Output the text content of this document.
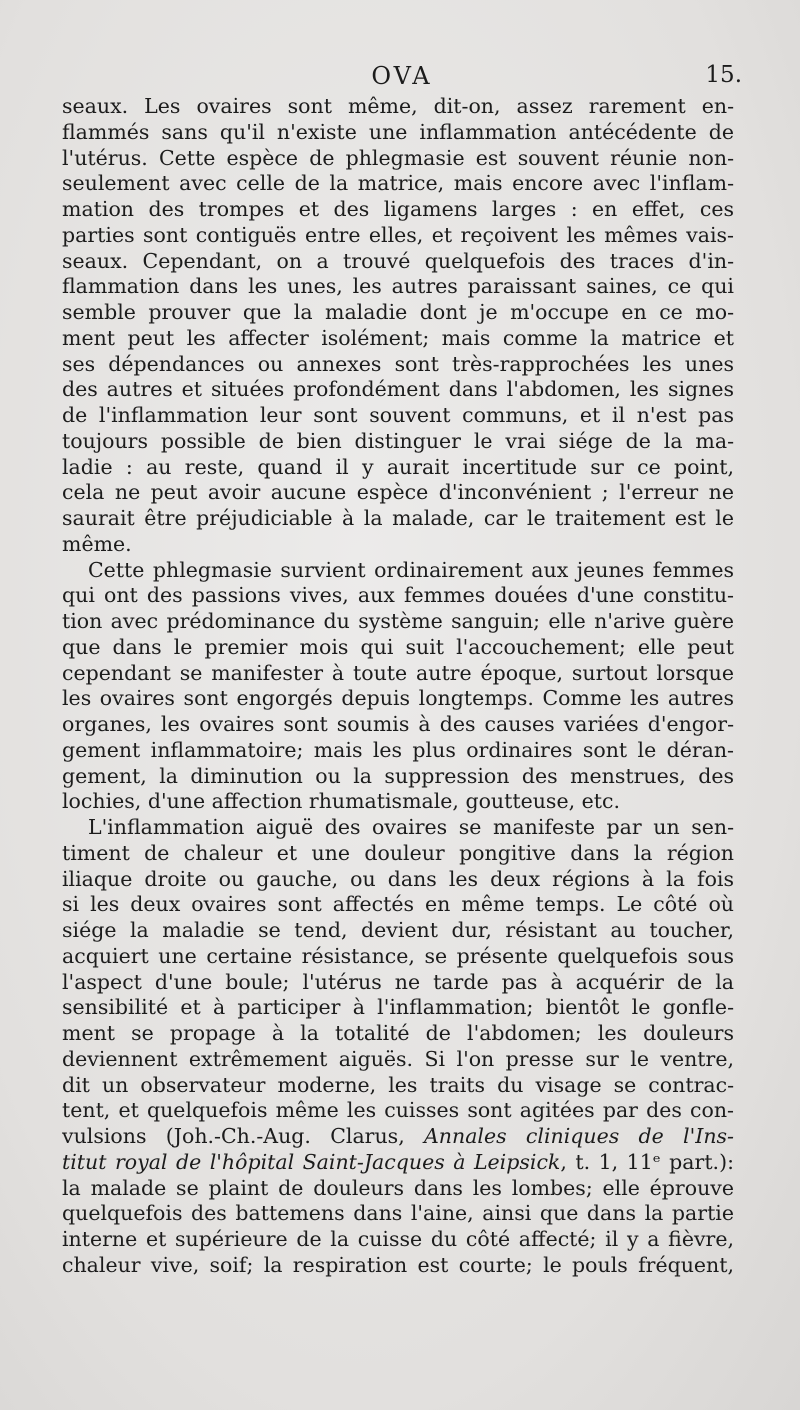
OVA	15.
seaux. Les ovaires sont même, dit-on, assez rarement en-
flammés sans qu'il n'existe une inflammation antécédente de
l'utérus. Cette espèce de phlegmasie est souvent réunie non-
seulement avec celle de la matrice, mais encore avec l'inflam-
mation des trompes et des ligamens larges : en effet, ces
parties sont contiguës entre elles, et reçoivent les mêmes vais-
seaux. Cependant, on a trouvé quelquefois des traces d'in-
flammation dans les unes, les autres paraissant saines, ce qui
semble prouver que la maladie dont je m'occupe en ce mo-
ment peut les affecter isolément; mais comme la matrice et
ses dépendances ou annexes sont très-rapprochées les unes
des autres et situées profondément dans l'abdomen, les signes
de l'inflammation leur sont souvent communs, et il n'est pas
toujours possible de bien distinguer le vrai siége de la ma-
ladie : au reste, quand il y aurait incertitude sur ce point,
cela ne peut avoir aucune espèce d'inconvénient ; l'erreur ne
saurait être préjudiciable à la malade, car le traitement est le
même.
Cette phlegmasie survient ordinairement aux jeunes femmes
qui ont des passions vives, aux femmes douées d'une constitu-
tion avec prédominance du système sanguin; elle n'arive guère
que dans le premier mois qui suit l'accouchement; elle peut
cependant se manifester à toute autre époque, surtout lorsque
les ovaires sont engorgés depuis longtemps. Comme les autres
organes, les ovaires sont soumis à des causes variées d'engor-
gement inflammatoire; mais les plus ordinaires sont le déran-
gement, la diminution ou la suppression des menstrues, des
lochies, d'une affection rhumatismale, goutteuse, etc.
L'inflammation aiguë des ovaires se manifeste par un sen-
timent de chaleur et une douleur pongitive dans la région
iliaque droite ou gauche, ou dans les deux régions à la fois
si les deux ovaires sont affectés en même temps. Le côté où
siége la maladie se tend, devient dur, résistant au toucher,
acquiert une certaine résistance, se présente quelquefois sous
l'aspect d'une boule; l'utérus ne tarde pas à acquérir de la
sensibilité et à participer à l'inflammation; bientôt le gonfle-
ment se propage à la totalité de l'abdomen; les douleurs
deviennent extrêmement aiguës. Si l'on presse sur le ventre,
dit un observateur moderne, les traits du visage se contrac-
tent, et quelquefois même les cuisses sont agitées par des con-
vulsions (Joh.-Ch.-Aug. Clarus, Annales cliniques de l'Ins-
titut royal de l'hôpital Saint-Jacques à Leipsick, t. 1, 11ᵉ part.):
la malade se plaint de douleurs dans les lombes; elle éprouve
quelquefois des battemens dans l'aine, ainsi que dans la partie
interne et supérieure de la cuisse du côté affecté; il y a fièvre,
chaleur vive, soif; la respiration est courte; le pouls fréquent,
